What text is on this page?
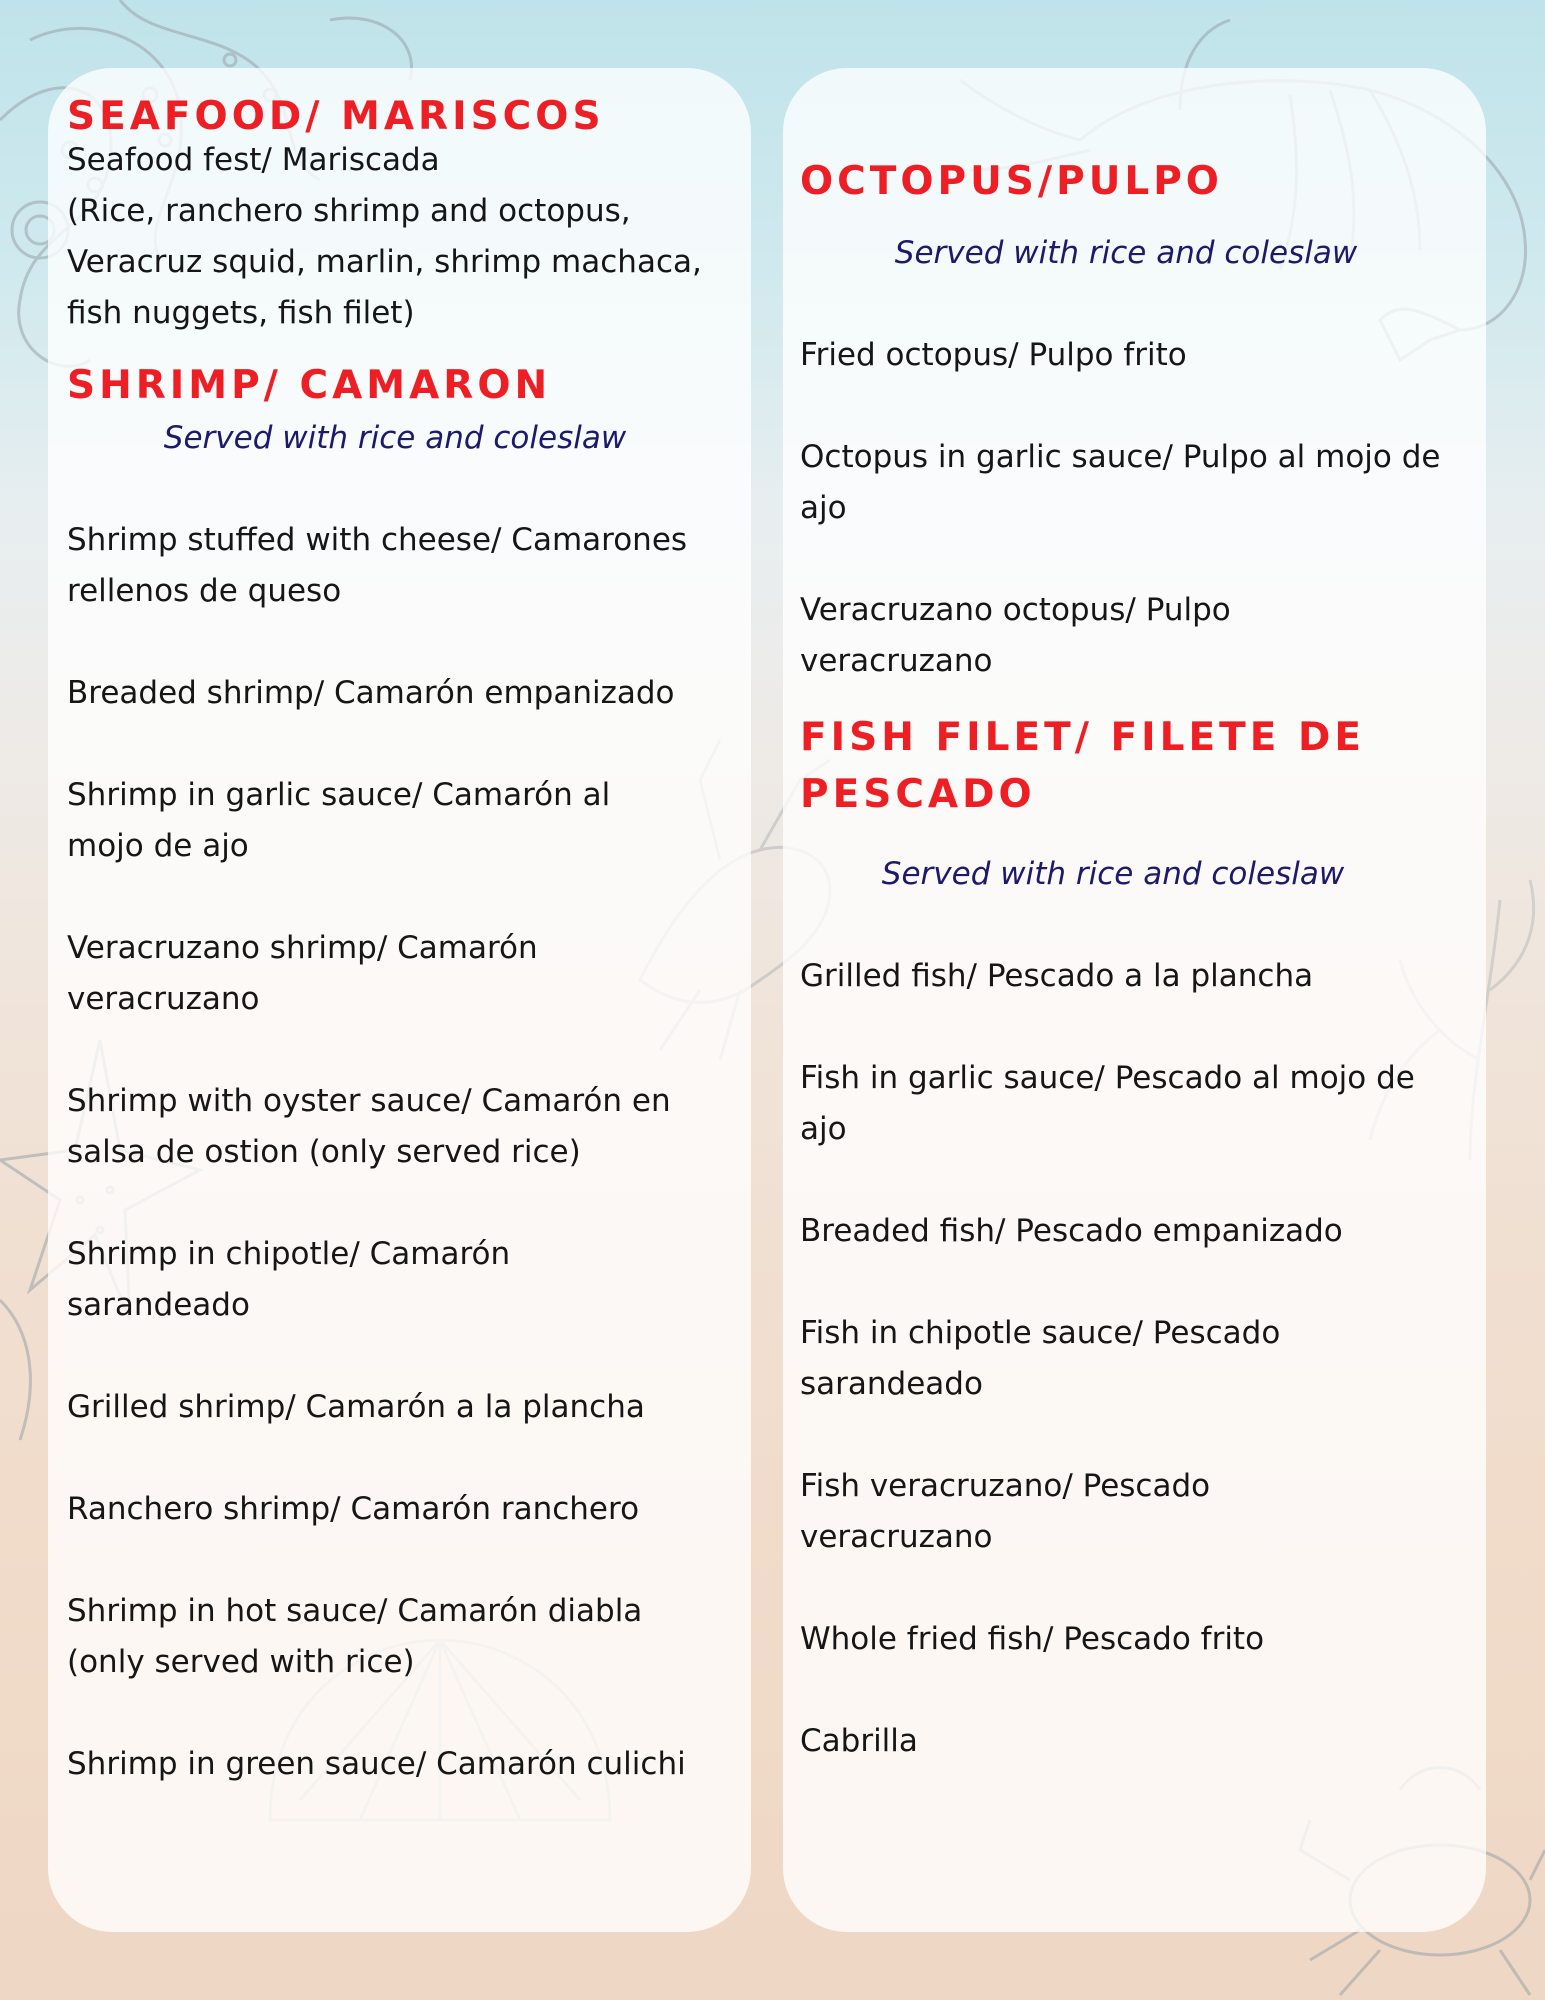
SEAFOOD/ MARISCOS
Seafood fest/ Mariscada
(Rice, ranchero shrimp and octopus, Veracruz squid, marlin, shrimp machaca, fish nuggets, fish filet)
SHRIMP/ CAMARON
Served with rice and coleslaw
Shrimp stuffed with cheese/ Camarones rellenos de queso
Breaded shrimp/ Camarón empanizado
Shrimp in garlic sauce/ Camarón al mojo de ajo
Veracruzano shrimp/ Camarón veracruzano
Shrimp with oyster sauce/ Camarón en salsa de ostion (only served rice)
Shrimp in chipotle/ Camarón sarandeado
Grilled shrimp/ Camarón a la plancha
Ranchero shrimp/ Camarón ranchero
Shrimp in hot sauce/ Camarón diabla (only served with rice)
Shrimp in green sauce/ Camarón culichi
OCTOPUS/PULPO
Served with rice and coleslaw
Fried octopus/ Pulpo frito
Octopus in garlic sauce/ Pulpo al mojo de ajo
Veracruzano octopus/ Pulpo veracruzano
FISH FILET/ FILETE DE PESCADO
Served with rice and coleslaw
Grilled fish/ Pescado a la plancha
Fish in garlic sauce/ Pescado al mojo de ajo
Breaded fish/ Pescado empanizado
Fish in chipotle sauce/ Pescado sarandeado
Fish veracruzano/ Pescado veracruzano
Whole fried fish/ Pescado frito
Cabrilla
